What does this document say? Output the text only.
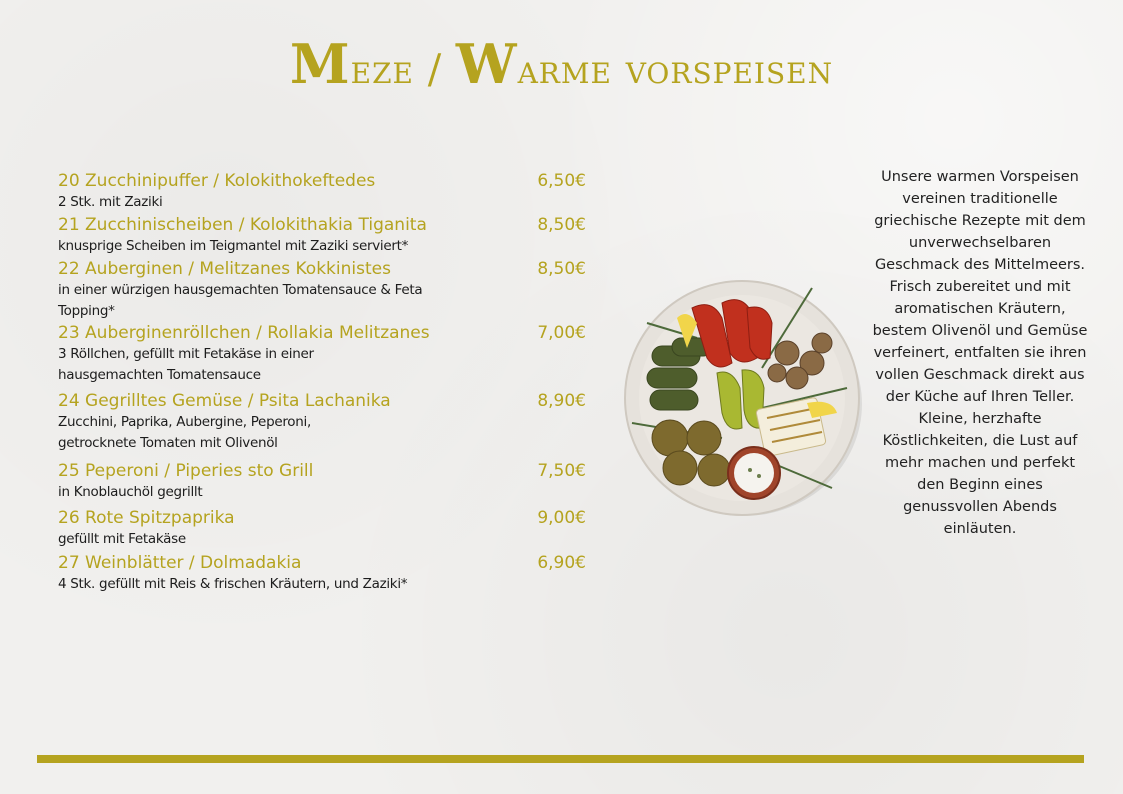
Meze / Warme vorspeisen
20 Zucchinipuffer / Kolokithokeftedes	6,50€
2 Stk. mit Zaziki
21 Zucchinischeiben / Kolokithakia Tiganita	8,50€
knusprige Scheiben im Teigmantel mit Zaziki serviert*
22 Auberginen / Melitzanes Kokkinistes	8,50€
in einer würzigen hausgemachten Tomatensauce & Feta Topping*
23 Auberginenröllchen / Rollakia Melitzanes	7,00€
3 Röllchen, gefüllt mit Fetakäse in einer hausgemachten Tomatensauce
24 Gegrilltes Gemüse / Psita Lachanika	8,90€
Zucchini, Paprika, Aubergine, Peperoni, getrocknete Tomaten mit Olivenöl
25 Peperoni / Piperies sto Grill	7,50€
in Knoblauchöl gegrillt
26 Rote Spitzpaprika	9,00€
gefüllt mit Fetakäse
27 Weinblätter / Dolmadakia	6,90€
4 Stk. gefüllt mit Reis & frischen Kräutern, und Zaziki*
Unsere warmen Vorspeisen vereinen traditionelle griechische Rezepte mit dem unverwechselbaren Geschmack des Mittelmeers. Frisch zubereitet und mit aromatischen Kräutern, bestem Olivenöl und Gemüse verfeinert, entfalten sie ihren vollen Geschmack direkt aus der Küche auf Ihren Teller. Kleine, herzhafte Köstlichkeiten, die Lust auf mehr machen und perfekt den Beginn eines genussvollen Abends einläuten.
